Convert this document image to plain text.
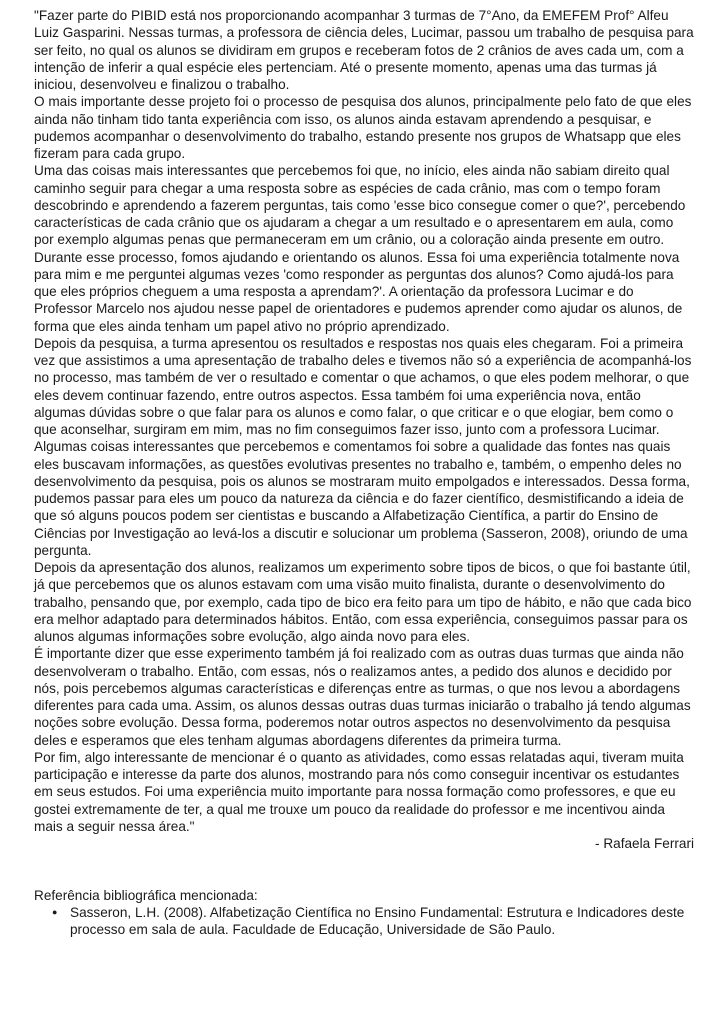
"Fazer parte do PIBID está nos proporcionando acompanhar 3 turmas de 7°Ano, da EMEFEM Prof° Alfeu Luiz Gasparini. Nessas turmas, a professora de ciência deles, Lucimar, passou um trabalho de pesquisa para ser feito, no qual os alunos se dividiram em grupos e receberam fotos de 2 crânios de aves cada um, com a intenção de inferir a qual espécie eles pertenciam. Até o presente momento, apenas uma das turmas já iniciou, desenvolveu e finalizou o trabalho.

O mais importante desse projeto foi o processo de pesquisa dos alunos, principalmente pelo fato de que eles ainda não tinham tido tanta experiência com isso, os alunos ainda estavam aprendendo a pesquisar, e pudemos acompanhar o desenvolvimento do trabalho, estando presente nos grupos de Whatsapp que eles fizeram para cada grupo.

Uma das coisas mais interessantes que percebemos foi que, no início, eles ainda não sabiam direito qual caminho seguir para chegar a uma resposta sobre as espécies de cada crânio, mas com o tempo foram descobrindo e aprendendo a fazerem perguntas, tais como 'esse bico consegue comer o que?', percebendo características de cada crânio que os ajudaram a chegar a um resultado e o apresentarem em aula, como por exemplo algumas penas que permaneceram em um crânio, ou a coloração ainda presente em outro.

Durante esse processo, fomos ajudando e orientando os alunos. Essa foi uma experiência totalmente nova para mim e me perguntei algumas vezes 'como responder as perguntas dos alunos? Como ajudá-los para que eles próprios cheguem a uma resposta a aprendam?'. A orientação da professora Lucimar e do Professor Marcelo nos ajudou nesse papel de orientadores e pudemos aprender como ajudar os alunos, de forma que eles ainda tenham um papel ativo no próprio aprendizado.

Depois da pesquisa, a turma apresentou os resultados e respostas nos quais eles chegaram. Foi a primeira vez que assistimos a uma apresentação de trabalho deles e tivemos não só a experiência de acompanhá-los no processo, mas também de ver o resultado e comentar o que achamos, o que eles podem melhorar, o que eles devem continuar fazendo, entre outros aspectos. Essa também foi uma experiência nova, então algumas dúvidas sobre o que falar para os alunos e como falar, o que criticar e o que elogiar, bem como o que aconselhar, surgiram em mim, mas no fim conseguimos fazer isso, junto com a professora Lucimar.

Algumas coisas interessantes que percebemos e comentamos foi sobre a qualidade das fontes nas quais eles buscavam informações, as questões evolutivas presentes no trabalho e, também, o empenho deles no desenvolvimento da pesquisa, pois os alunos se mostraram muito empolgados e interessados. Dessa forma, pudemos passar para eles um pouco da natureza da ciência e do fazer científico, desmistificando a ideia de que só alguns poucos podem ser cientistas e buscando a Alfabetização Científica, a partir do Ensino de Ciências por Investigação ao levá-los a discutir e solucionar um problema (Sasseron, 2008), oriundo de uma pergunta.

Depois da apresentação dos alunos, realizamos um experimento sobre tipos de bicos, o que foi bastante útil, já que percebemos que os alunos estavam com uma visão muito finalista, durante o desenvolvimento do trabalho, pensando que, por exemplo, cada tipo de bico era feito para um tipo de hábito, e não que cada bico era melhor adaptado para determinados hábitos. Então, com essa experiência, conseguimos passar para os alunos algumas informações sobre evolução, algo ainda novo para eles.

É importante dizer que esse experimento também já foi realizado com as outras duas turmas que ainda não desenvolveram o trabalho. Então, com essas, nós o realizamos antes, a pedido dos alunos e decidido por nós, pois percebemos algumas características e diferenças entre as turmas, o que nos levou a abordagens diferentes para cada uma. Assim, os alunos dessas outras duas turmas iniciarão o trabalho já tendo algumas noções sobre evolução. Dessa forma, poderemos notar outros aspectos no desenvolvimento da pesquisa deles e esperamos que eles tenham algumas abordagens diferentes da primeira turma.

Por fim, algo interessante de mencionar é o quanto as atividades, como essas relatadas aqui, tiveram muita participação e interesse da parte dos alunos, mostrando para nós como conseguir incentivar os estudantes em seus estudos. Foi uma experiência muito importante para nossa formação como professores, e que eu gostei extremamente de ter, a qual me trouxe um pouco da realidade do professor e me incentivou ainda mais a seguir nessa área."

- Rafaela Ferrari

Referência bibliográfica mencionada:

● Sasseron, L.H. (2008). Alfabetização Científica no Ensino Fundamental: Estrutura e Indicadores deste processo em sala de aula. Faculdade de Educação, Universidade de São Paulo.
